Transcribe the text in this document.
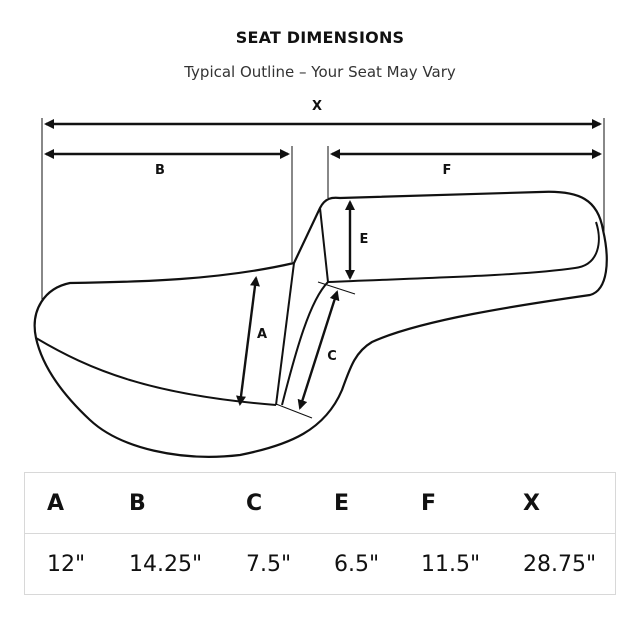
SEAT DIMENSIONS
Typical Outline – Your Seat May Vary
X
B	F
E
A
C
A	B	C	E	F	X
12"	14.25"	7.5"	6.5"	11.5"	28.75"
